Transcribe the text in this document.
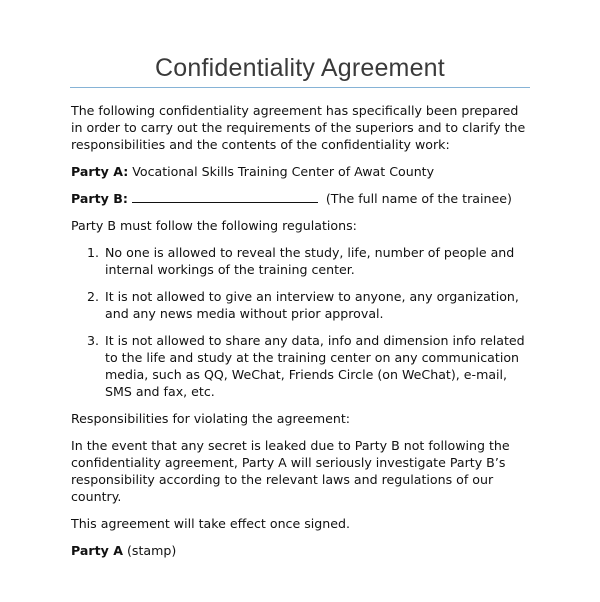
Confidentiality Agreement

The following confidentiality agreement has specifically been prepared in order to carry out the requirements of the superiors and to clarify the responsibilities and the contents of the confidentiality work:

Party A: Vocational Skills Training Center of Awat County

Party B:	(The full name of the trainee)

Party B must follow the following regulations:

1. No one is allowed to reveal the study, life, number of people and internal workings of the training center.
2. It is not allowed to give an interview to anyone, any organization, and any news media without prior approval.
3. It is not allowed to share any data, info and dimension info related to the life and study at the training center on any communication media, such as QQ, WeChat, Friends Circle (on WeChat), e-mail, SMS and fax, etc.

Responsibilities for violating the agreement:

In the event that any secret is leaked due to Party B not following the confidentiality agreement, Party A will seriously investigate Party B’s responsibility according to the relevant laws and regulations of our country.

This agreement will take effect once signed.

Party A (stamp)
